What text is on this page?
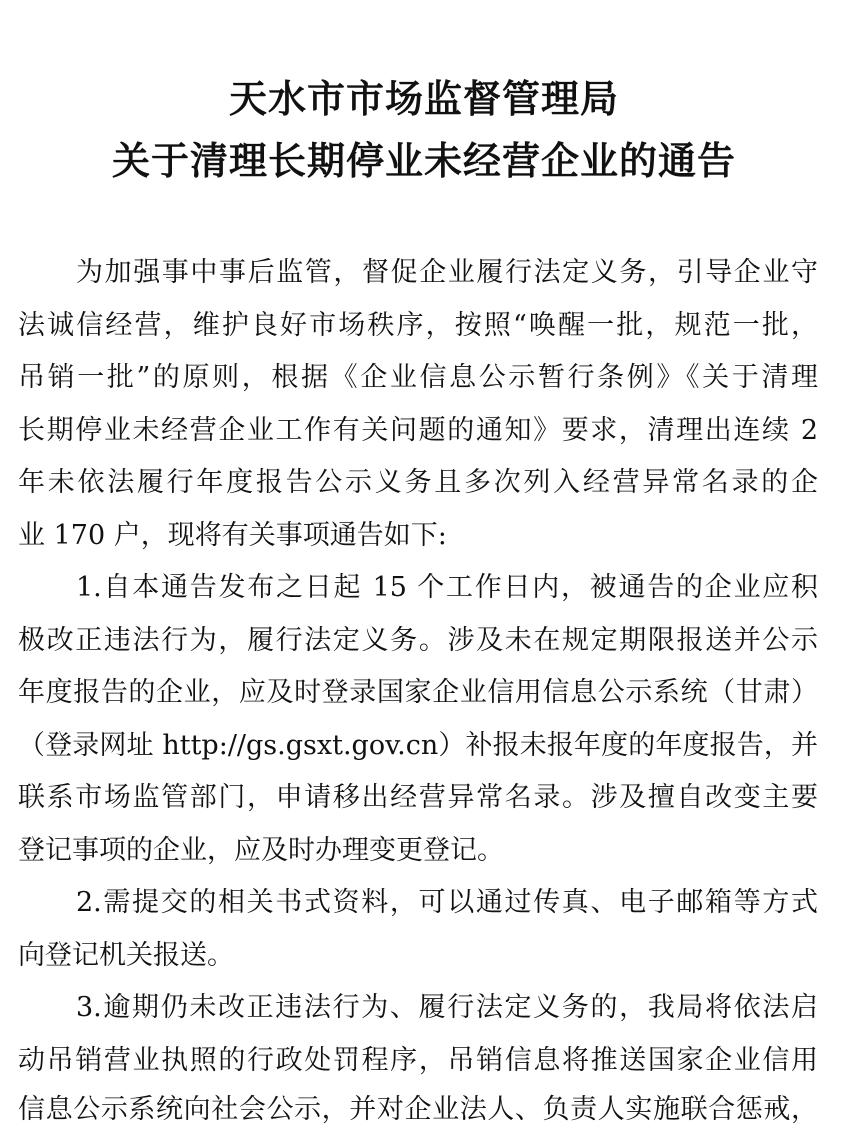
天水市市场监督管理局
关于清理长期停业未经营企业的通告
为加强事中事后监管，督促企业履行法定义务，引导企业守
法诚信经营，维护良好市场秩序，按照“唤醒一批，规范一批，
吊销一批”的原则，根据《企业信息公示暂行条例》《关于清理
长期停业未经营企业工作有关问题的通知》要求，清理出连续 2
年未依法履行年度报告公示义务且多次列入经营异常名录的企
业 170 户，现将有关事项通告如下:
1.自本通告发布之日起 15 个工作日内，被通告的企业应积
极改正违法行为，履行法定义务。涉及未在规定期限报送并公示
年度报告的企业，应及时登录国家企业信用信息公示系统（甘肃）
（登录网址 http://gs.gsxt.gov.cn）补报未报年度的年度报告，并
联系市场监管部门，申请移出经营异常名录。涉及擅自改变主要
登记事项的企业，应及时办理变更登记。
2.需提交的相关书式资料，可以通过传真、电子邮箱等方式
向登记机关报送。
3.逾期仍未改正违法行为、履行法定义务的，我局将依法启
动吊销营业执照的行政处罚程序，吊销信息将推送国家企业信用
信息公示系统向社会公示，并对企业法人、负责人实施联合惩戒，
